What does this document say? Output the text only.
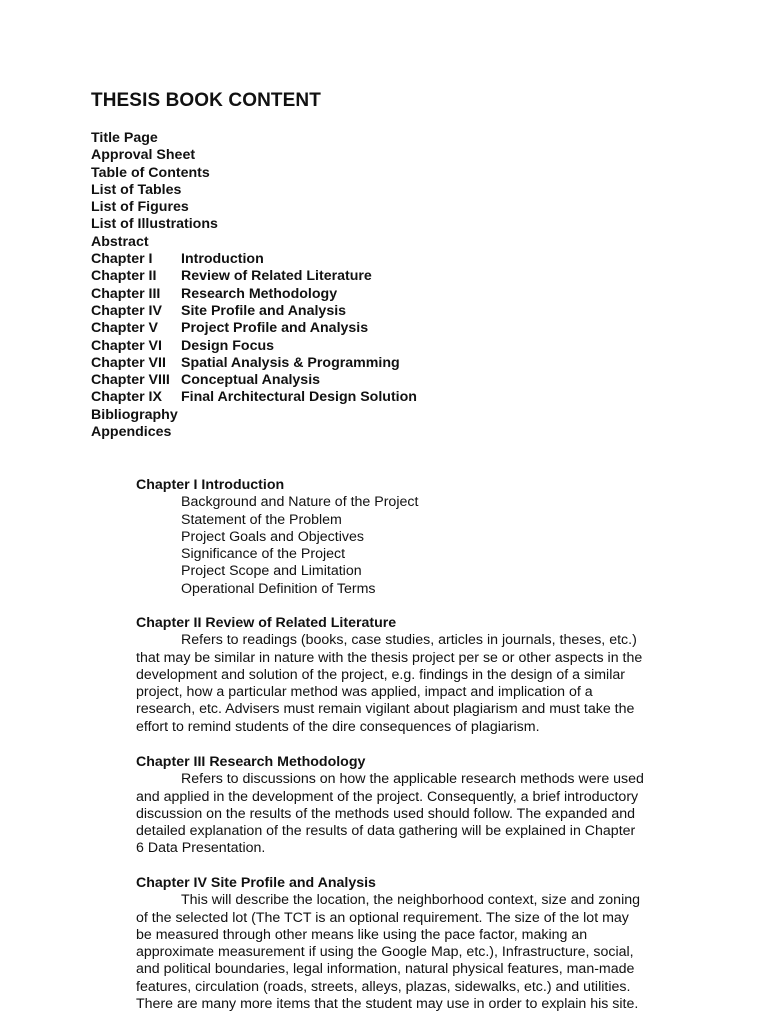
THESIS BOOK CONTENT
Title Page
Approval Sheet
Table of Contents
List of Tables
List of Figures
List of Illustrations
Abstract
Chapter I Introduction
Chapter II Review of Related Literature
Chapter III Research Methodology
Chapter IV Site Profile and Analysis
Chapter V Project Profile and Analysis
Chapter VI Design Focus
Chapter VII Spatial Analysis & Programming
Chapter VIII Conceptual Analysis
Chapter IX Final Architectural Design Solution
Bibliography
Appendices
Chapter I Introduction
Background and Nature of the Project
Statement of the Problem
Project Goals and Objectives
Significance of the Project
Project Scope and Limitation
Operational Definition of Terms
Chapter II Review of Related Literature
Refers to readings (books, case studies, articles in journals, theses, etc.)
that may be similar in nature with the thesis project per se or other aspects in the
development and solution of the project, e.g. findings in the design of a similar
project, how a particular method was applied, impact and implication of a
research, etc. Advisers must remain vigilant about plagiarism and must take the
effort to remind students of the dire consequences of plagiarism.
Chapter III Research Methodology
Refers to discussions on how the applicable research methods were used
and applied in the development of the project. Consequently, a brief introductory
discussion on the results of the methods used should follow. The expanded and
detailed explanation of the results of data gathering will be explained in Chapter
6 Data Presentation.
Chapter IV Site Profile and Analysis
This will describe the location, the neighborhood context, size and zoning
of the selected lot (The TCT is an optional requirement. The size of the lot may
be measured through other means like using the pace factor, making an
approximate measurement if using the Google Map, etc.), Infrastructure, social,
and political boundaries, legal information, natural physical features, man-made
features, circulation (roads, streets, alleys, plazas, sidewalks, etc.) and utilities.
There are many more items that the student may use in order to explain his site.
